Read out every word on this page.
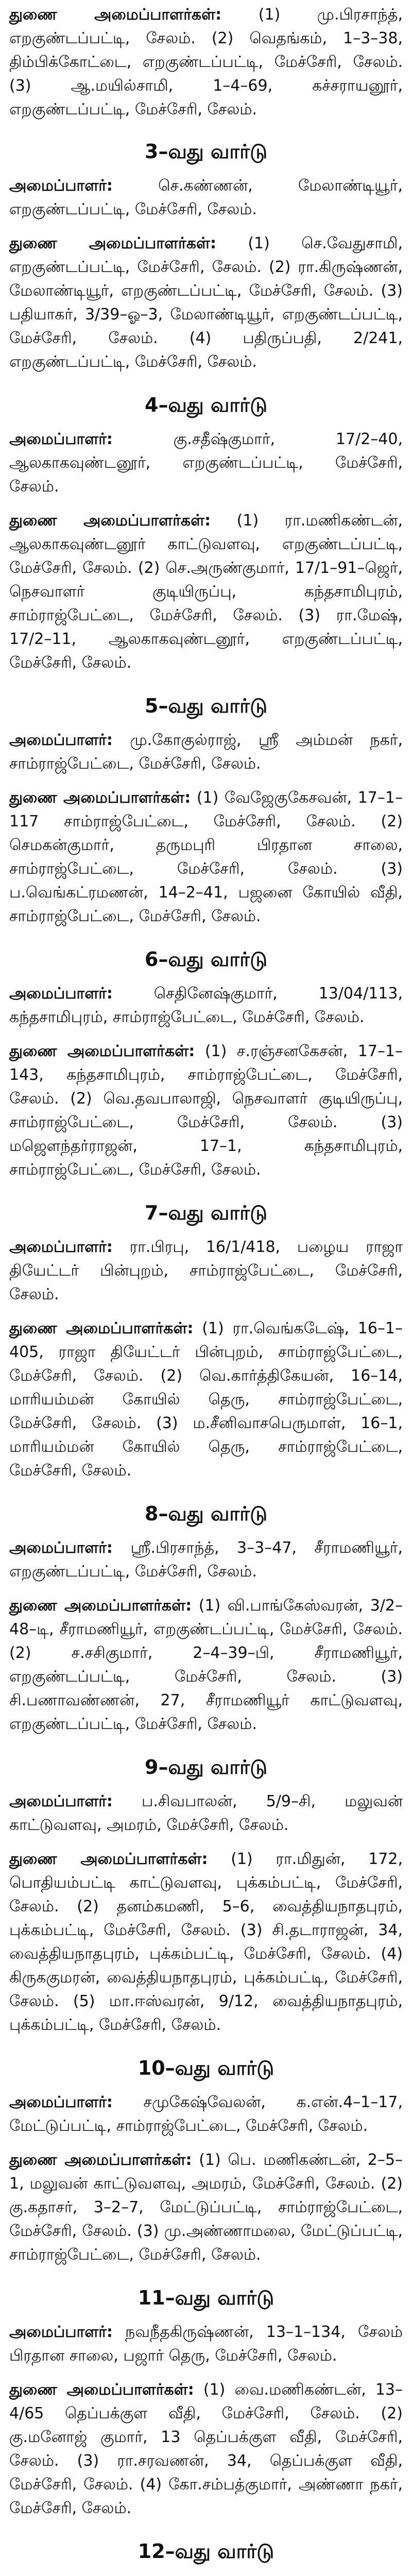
துணை அமைப்பாளர்கள்: (1) மு.பிரசாந்த், எறகுண்டப்பட்டி, சேலம். (2) வெதங்கம், 1–3–38, திம்பிக்கோட்டை, எறகுண்டப்பட்டி, மேச்சேரி, சேலம். (3) ஆ.மயில்சாமி, 1–4–69, கச்சராயனூர், எறகுண்டப்பட்டி, மேச்சேரி, சேலம்.

3–வது வார்டு

அமைப்பாளர்:	செ.கண்ணன், மேலாண்டியூர், எறகுண்டப்பட்டி, மேச்சேரி, சேலம்.

துணை அமைப்பாளர்கள்: (1) செ.வேதுசாமி, எறகுண்டப்பட்டி, மேச்சேரி, சேலம். (2) ரா.கிருஷ்ணன், மேலாண்டியூர், எறகுண்டப்பட்டி, மேச்சேரி, சேலம். (3) பதியாகர், 3/39–ஓ–3, மேலாண்டியூர், எறகுண்டப்பட்டி, மேச்சேரி, சேலம். (4) பதிருப்பதி, 2/241, எறகுண்டப்பட்டி, மேச்சேரி, சேலம்.

4–வது வார்டு

அமைப்பாளர்:	கு.சதீஷ்குமார், 17/2–40, ஆலகாகவுண்டனூர், எறகுண்டப்பட்டி, மேச்சேரி, சேலம்.

துணை அமைப்பாளர்கள்: (1) ரா.மணிகண்டன், ஆலகாகவுண்டனூர் காட்டுவளவு, எறகுண்டப்பட்டி, மேச்சேரி, சேலம். (2) செ.அருண்குமார், 17/1–91–ஜெர், நெசவாளர் குடியிருப்பு, கந்தசாமிபுரம், சாம்ராஜ்பேட்டை, மேச்சேரி, சேலம். (3) ரா.மேஷ், 17/2–11, ஆலகாகவுண்டனூர், எறகுண்டப்பட்டி, மேச்சேரி, சேலம்.

5–வது வார்டு

அமைப்பாளர்: மு.கோகுல்ராஜ், ஸ்ரீ அம்மன் நகர், சாம்ராஜ்பேட்டை, மேச்சேரி, சேலம்.

துணை அமைப்பாளர்கள்: (1) வேஜேகுகேசவன், 17–1–117 சாம்ராஜ்பேட்டை, மேச்சேரி, சேலம். (2) செமகன்குமார், தருமபுரி பிரதான சாலை, சாம்ராஜ்பேட்டை, மேச்சேரி, சேலம். (3) ப.வெங்கட்ரமணன், 14–2–41, பஜனை கோயில் வீதி, சாம்ராஜ்பேட்டை, மேச்சேரி, சேலம்.

6–வது வார்டு

அமைப்பாளர்:	செதினேஷ்குமார், 13/04/113, கந்தசாமிபுரம், சாம்ராஜ்பேட்டை, மேச்சேரி, சேலம்.

துணை அமைப்பாளர்கள்: (1) ச.ரஞ்சனகேசன், 17–1–143, கந்தசாமிபுரம், சாம்ராஜ்பேட்டை, மேச்சேரி, சேலம். (2) வெ.தவபாலாஜி, நெசவாளர் குடியிருப்பு, சாம்ராஜ்பேட்டை, மேச்சேரி, சேலம். (3) மஜெளந்தர்ராஜன், 17–1, கந்தசாமிபுரம், சாம்ராஜ்பேட்டை, மேச்சேரி, சேலம்.

7–வது வார்டு

அமைப்பாளர்: ரா.பிரபு, 16/1/418, பழைய ராஜா தியேட்டர் பின்புறம், சாம்ராஜ்பேட்டை, மேச்சேரி, சேலம்.

துணை அமைப்பாளர்கள்: (1) ரா.வெங்கடேஷ், 16–1–405, ராஜா தியேட்டர் பின்புறம், சாம்ராஜ்பேட்டை, மேச்சேரி, சேலம். (2) வெ.கார்த்திகேயன், 16–14, மாரியம்மன் கோயில் தெரு, சாம்ராஜ்பேட்டை, மேச்சேரி, சேலம். (3) ம.சீனிவாசபெருமாள், 16–1, மாரியம்மன் கோயில் தெரு, சாம்ராஜ்பேட்டை, மேச்சேரி, சேலம்.

8–வது வார்டு

அமைப்பாளர்: ஸ்ரீ.பிரசாந்த், 3–3–47, சீராமணியூர், எறகுண்டப்பட்டி, மேச்சேரி, சேலம்.

துணை அமைப்பாளர்கள்: (1) வி.பாங்கேஸ்வரன், 3/2–48–டி, சீராமணியூர், எறகுண்டப்பட்டி, மேச்சேரி, சேலம். (2) ச.சசிகுமார், 2–4–39–பி, சீராமணியூர், எறகுண்டப்பட்டி, மேச்சேரி, சேலம். (3) சி.பணாவண்ணன், 27, சீராமணியூர் காட்டுவளவு, எறகுண்டப்பட்டி, மேச்சேரி, சேலம்.

9–வது வார்டு

அமைப்பாளர்: ப.சிவபாலன், 5/9–சி, மலுவன் காட்டுவளவு, அமரம், மேச்சேரி, சேலம்.

துணை அமைப்பாளர்கள்: (1) ரா.மிதுன், 172, பொதியம்பட்டி காட்டுவளவு, புக்கம்பட்டி, மேச்சேரி, சேலம். (2) தனம்கமணி, 5–6, வைத்தியநாதபுரம், புக்கம்பட்டி, மேச்சேரி, சேலம். (3) சி.தடாராஜன், 34, வைத்தியநாதபுரம், புக்கம்பட்டி, மேச்சேரி, சேலம். (4) கிருககுமரன், வைத்தியநாதபுரம், புக்கம்பட்டி, மேச்சேரி, சேலம். (5) மா.ஈஸ்வரன், 9/12, வைத்தியநாதபுரம், புக்கம்பட்டி, மேச்சேரி, சேலம்.

10–வது வார்டு

அமைப்பாளர்: சமுகேஷ்வேலன், க.என்.4–1–17, மேட்டுப்பட்டி, சாம்ராஜ்பேட்டை, மேச்சேரி, சேலம்.

துணை அமைப்பாளர்கள்: (1) பெ. மணிகண்டன், 2–5–1, மலுவன் காட்டுவளவு, அமரம், மேச்சேரி, சேலம். (2) கு.கதாசர், 3–2–7, மேட்டுப்பட்டி, சாம்ராஜ்பேட்டை, மேச்சேரி, சேலம். (3) மு.அண்ணாமலை, மேட்டுப்பட்டி, சாம்ராஜ்பேட்டை, மேச்சேரி, சேலம்.

11–வது வார்டு

அமைப்பாளர்: நவநீதகிருஷ்ணன், 13–1–134, சேலம் பிரதான சாலை, பஜார் தெரு, மேச்சேரி, சேலம்.

துணை அமைப்பாளர்கள்: (1) வை.மணிகண்டன், 13–4/65 தெப்பக்குள வீதி, மேச்சேரி, சேலம். (2) கு.மனோஜ் குமார், 13 தெப்பக்குள வீதி, மேச்சேரி, சேலம். (3) ரா.சரவணன், 34, தெப்பக்குள வீதி, மேச்சேரி, சேலம். (4) கோ.சம்பத்குமார், அண்ணா நகர், மேச்சேரி, சேலம்.

12–வது வார்டு
